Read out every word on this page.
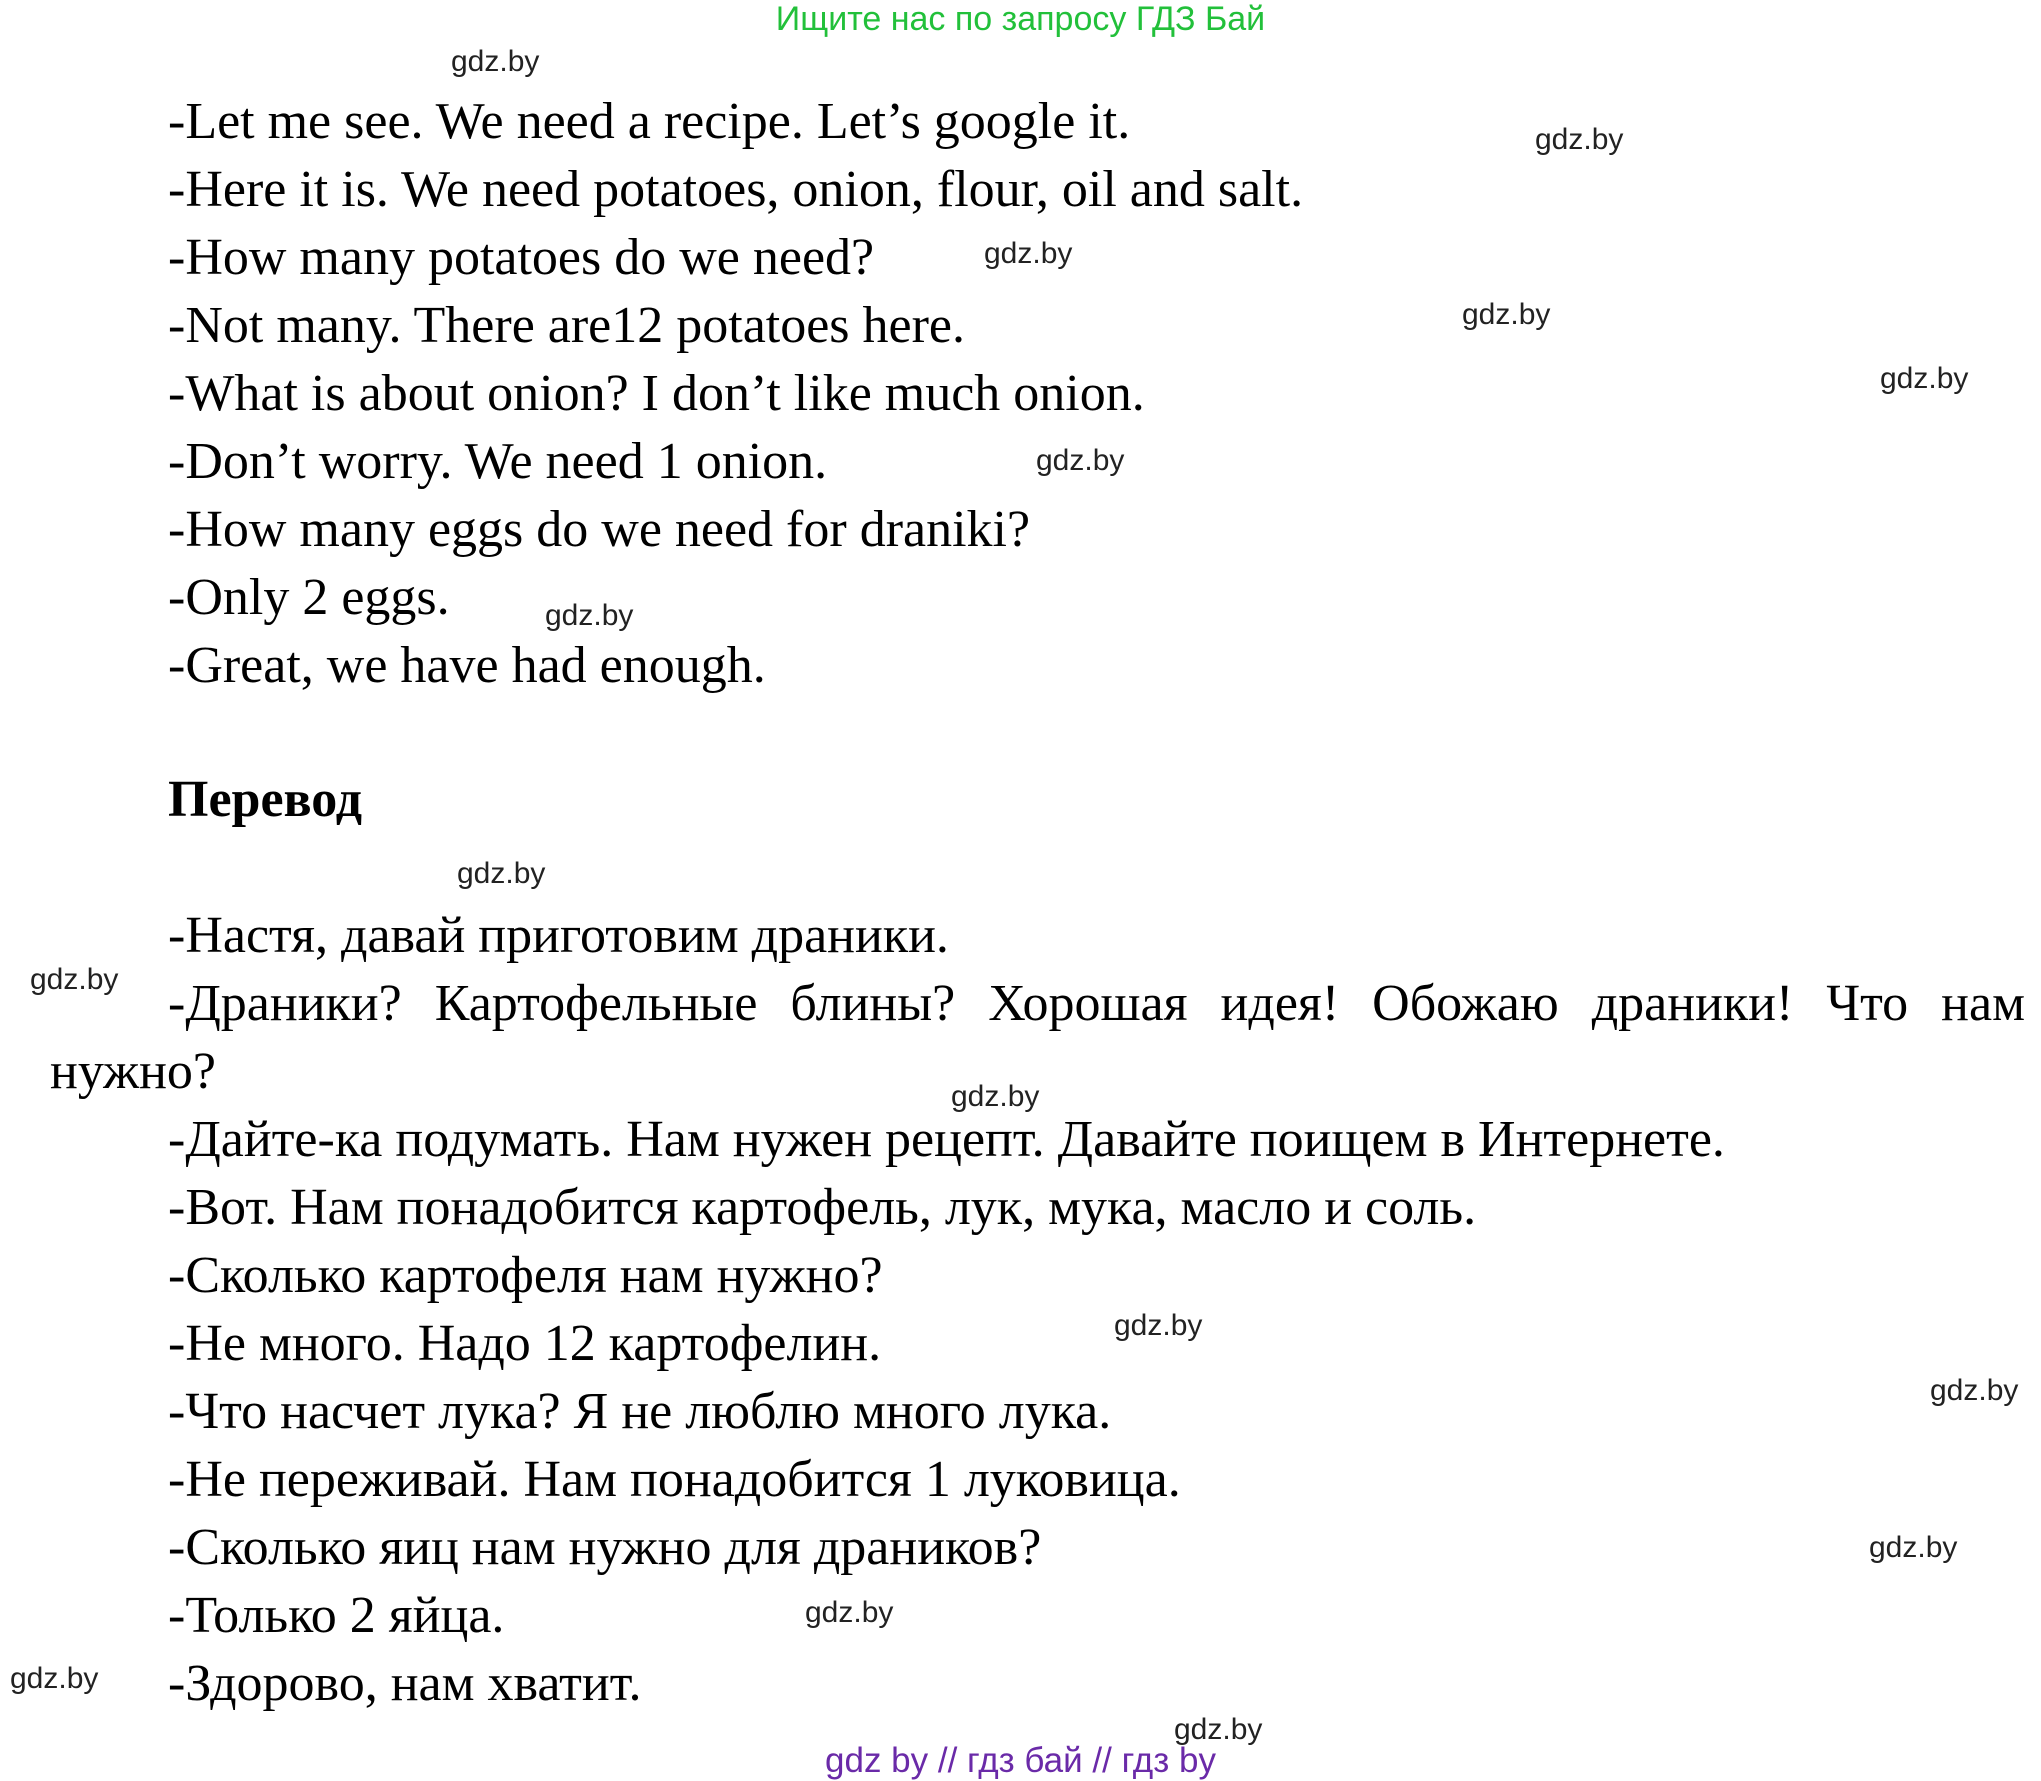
Ищите нас по запросу ГДЗ Бай
-Let me see. We need a recipe. Let’s google it.
-Here it is. We need potatoes, onion, flour, oil and salt.
-How many potatoes do we need?
-Not many. There are12 potatoes here.
-What is about onion? I don’t like much onion.
-Don’t worry. We need 1 onion.
-How many eggs do we need for draniki?
-Only 2 eggs.
-Great, we have had enough.
Перевод
-Настя, давай приготовим драники.
-Драники? Картофельные блины? Хорошая идея! Обожаю драники! Что нам нужно?
-Дайте-ка подумать. Нам нужен рецепт. Давайте поищем в Интернете.
-Вот. Нам понадобится картофель, лук, мука, масло и соль.
-Сколько картофеля нам нужно?
-Не много. Надо 12 картофелин.
-Что насчет лука? Я не люблю много лука.
-Не переживай. Нам понадобится 1 луковица.
-Сколько яиц нам нужно для драников?
-Только 2 яйца.
-Здорово, нам хватит.
gdz.by
gdz.by
gdz.by
gdz.by
gdz.by
gdz.by
gdz.by
gdz.by
gdz.by
gdz.by
gdz.by
gdz.by
gdz.by
gdz.by
gdz.by
gdz.by
gdz by // гдз бай // гдз by
